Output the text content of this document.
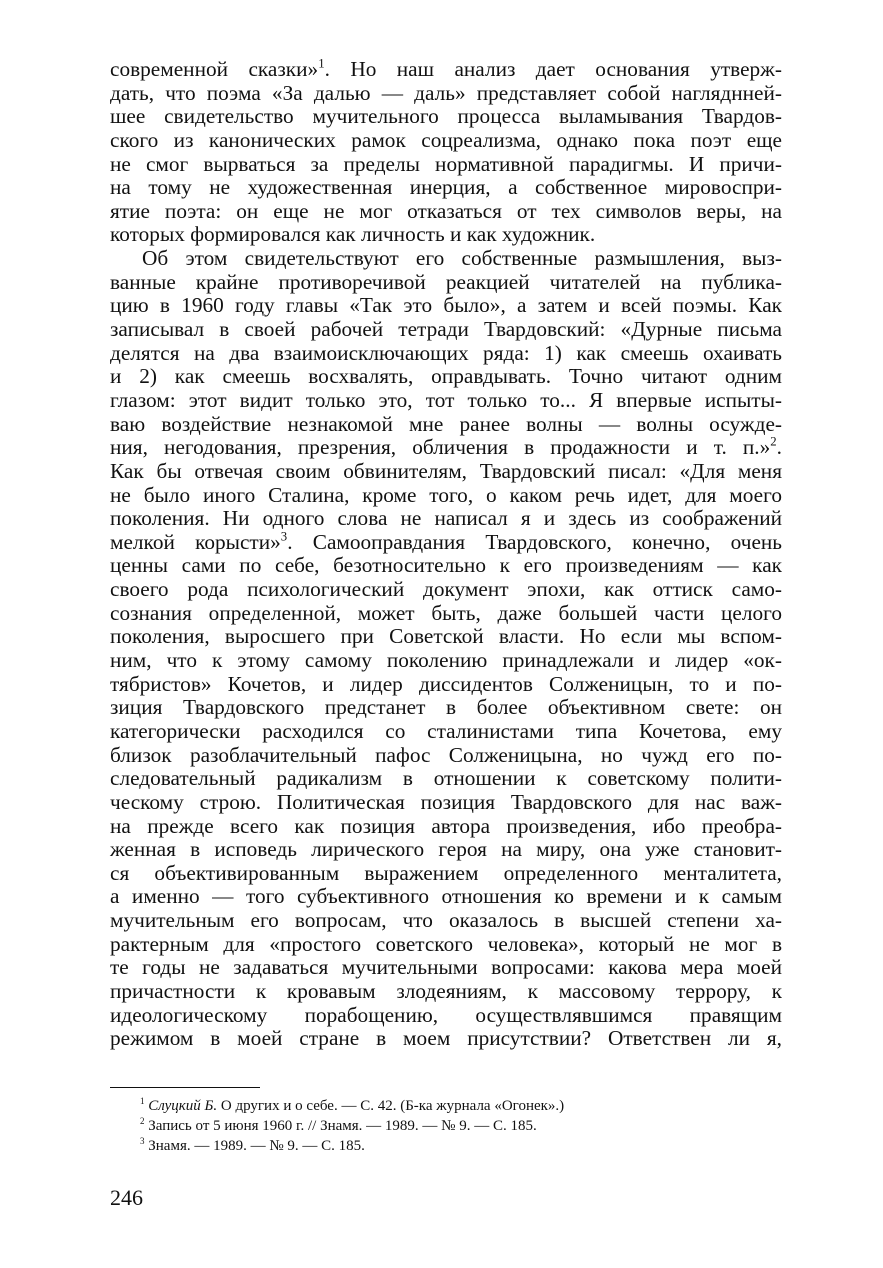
современной сказки»$^1$. Но наш анализ дает основания утверж-
дать, что поэма «За далью — даль» представляет собой нагляднней-
шее свидетельство мучительного процесса выламывания Твардов-
ского из канонических рамок соцреализма, однако пока поэт еще
не смог вырваться за пределы нормативной парадигмы. И причи-
на тому не художественная инерция, а собственное мировоспри-
ятие поэта: он еще не мог отказаться от тех символов веры, на
которых формировался как личность и как художник.
Об этом свидетельствуют его собственные размышления, выз-
ванные крайне противоречивой реакцией читателей на публика-
цию в 1960 году главы «Так это было», а затем и всей поэмы. Как
записывал в своей рабочей тетради Твардовский: «Дурные письма
делятся на два взаимоисключающих ряда: 1) как смеешь охаивать
и 2) как смеешь восхвалять, оправдывать. Точно читают одним
глазом: этот видит только это, тот только то... Я впервые испыты-
ваю воздействие незнакомой мне ранее волны — волны осужде-
ния, негодования, презрения, обличения в продажности и т. п.»$^2$.
Как бы отвечая своим обвинителям, Твардовский писал: «Для меня
не было иного Сталина, кроме того, о каком речь идет, для моего
поколения. Ни одного слова не написал я и здесь из соображений
мелкой корысти»$^3$. Самооправдания Твардовского, конечно, очень
ценны сами по себе, безотносительно к его произведениям — как
своего рода психологический документ эпохи, как оттиск само-
сознания определенной, может быть, даже большей части целого
поколения, выросшего при Советской власти. Но если мы вспом-
ним, что к этому самому поколению принадлежали и лидер «ок-
тябристов» Кочетов, и лидер диссидентов Солженицын, то и по-
зиция Твардовского предстанет в более объективном свете: он
категорически расходился со сталинистами типа Кочетова, ему
близок разоблачительный пафос Солженицына, но чужд его по-
следовательный радикализм в отношении к советскому полити-
ческому строю. Политическая позиция Твардовского для нас важ-
на прежде всего как позиция автора произведения, ибо преобра-
женная в исповедь лирического героя на миру, она уже становит-
ся объективированным выражением определенного менталитета,
а именно — того субъективного отношения ко времени и к самым
мучительным его вопросам, что оказалось в высшей степени ха-
рактерным для «простого советского человека», который не мог в
те годы не задаваться мучительными вопросами: какова мера моей
причастности к кровавым злодеяниям, к массовому террору, к
идеологическому порабощению, осуществлявшимся правящим
режимом в моей стране в моем присутствии? Ответствен ли я,
$^1$ Слуцкий Б. О других и о себе. — С. 42. (Б-ка журнала «Огонек».)
$^2$ Запись от 5 июня 1960 г. // Знамя. — 1989. — № 9. — С. 185.
$^3$ Знамя. — 1989. — № 9. — С. 185.
246
